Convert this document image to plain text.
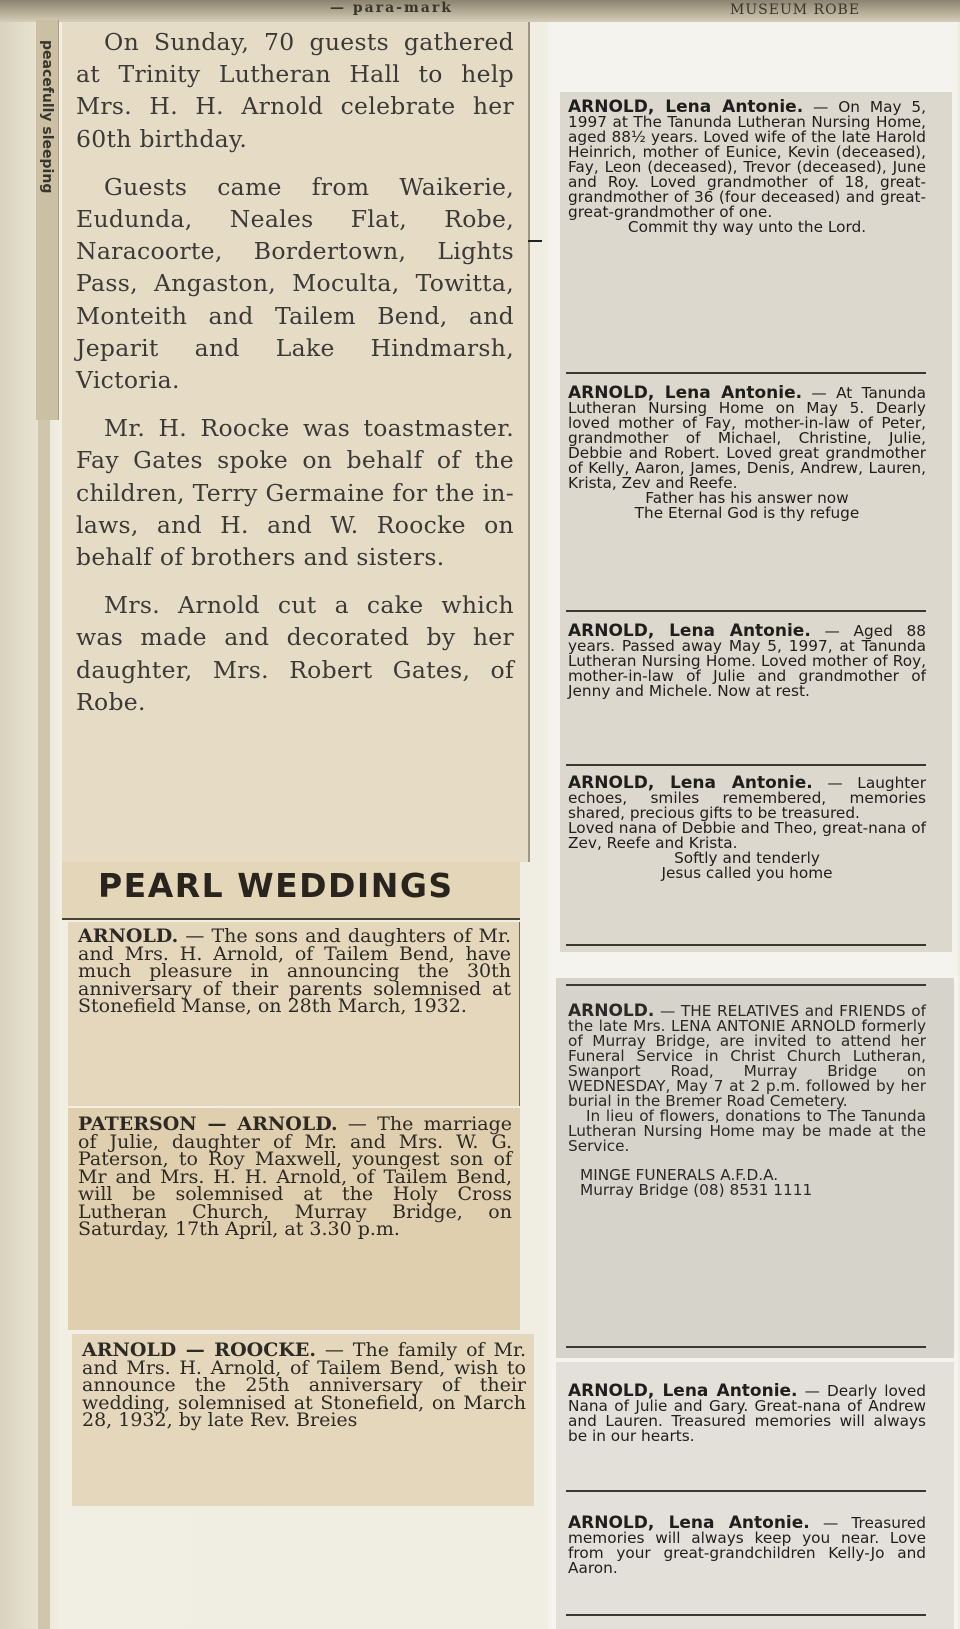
— para-mark	MUSEUM ROBE
peacefully sleeping	On Sunday, 70 guests gathered at Trinity Lutheran Hall to help Mrs. H. H. Arnold celebrate her 60th birthday.

Guests came from Waikerie, Eudunda, Neales Flat, Robe, Naracoorte, Bordertown, Lights Pass, Angaston, Moculta, Towitta, Monteith and Tailem Bend, and Jeparit and Lake Hindmarsh, Victoria.

Mr. H. Roocke was toastmaster. Fay Gates spoke on behalf of the children, Terry Germaine for the in-laws, and H. and W. Roocke on behalf of brothers and sisters.

Mrs. Arnold cut a cake which was made and decorated by her daughter, Mrs. Robert Gates, of Robe.

PEARL WEDDINGS

ARNOLD. — The sons and daughters of Mr. and Mrs. H. Arnold, of Tailem Bend, have much pleasure in announcing the 30th anniversary of their parents solemnised at Stonefield Manse, on 28th March, 1932.

PATERSON — ARNOLD. — The marriage of Julie, daughter of Mr. and Mrs. W. G. Paterson, to Roy Maxwell, youngest son of Mr and Mrs. H. H. Arnold, of Tailem Bend, will be solemnised at the Holy Cross Lutheran Church, Murray Bridge, on Saturday, 17th April, at 3.30 p.m.

ARNOLD — ROOCKE. — The family of Mr. and Mrs. H. Arnold, of Tailem Bend, wish to announce the 25th anniversary of their wedding, solemnised at Stonefield, on March 28, 1932, by late Rev. Breies

ARNOLD, Lena Antonie. — On May 5, 1997 at The Tanunda Lutheran Nursing Home, aged 88½ years. Loved wife of the late Harold Heinrich, mother of Eunice, Kevin (deceased), Fay, Leon (deceased), Trevor (deceased), June and Roy. Loved grandmother of 18, great-grandmother of 36 (four deceased) and great-great-grandmother of one.
Commit thy way unto the Lord.
ARNOLD, Lena Antonie. — At Tanunda Lutheran Nursing Home on May 5. Dearly loved mother of Fay, mother-in-law of Peter, grandmother of Michael, Christine, Julie, Debbie and Robert. Loved great grandmother of Kelly, Aaron, James, Denis, Andrew, Lauren, Krista, Zev and Reefe.
Father has his answer now
The Eternal God is thy refuge
ARNOLD, Lena Antonie. — Aged 88 years. Passed away May 5, 1997, at Tanunda Lutheran Nursing Home. Loved mother of Roy, mother-in-law of Julie and grandmother of Jenny and Michele. Now at rest.
ARNOLD, Lena Antonie. — Laughter echoes, smiles remembered, memories shared, precious gifts to be treasured.
Loved nana of Debbie and Theo, great-nana of Zev, Reefe and Krista.
Softly and tenderly
Jesus called you home
ARNOLD. — THE RELATIVES and FRIENDS of the late Mrs. LENA ANTONIE ARNOLD formerly of Murray Bridge, are invited to attend her Funeral Service in Christ Church Lutheran, Swanport Road, Murray Bridge on WEDNESDAY, May 7 at 2 p.m. followed by her burial in the Bremer Road Cemetery.
In lieu of flowers, donations to The Tanunda Lutheran Nursing Home may be made at the Service.
MINGE FUNERALS A.F.D.A.
Murray Bridge (08) 8531 1111
ARNOLD, Lena Antonie. — Dearly loved Nana of Julie and Gary. Great-nana of Andrew and Lauren. Treasured memories will always be in our hearts.
ARNOLD, Lena Antonie. — Treasured memories will always keep you near. Love from your great-grandchildren Kelly-Jo and Aaron.
